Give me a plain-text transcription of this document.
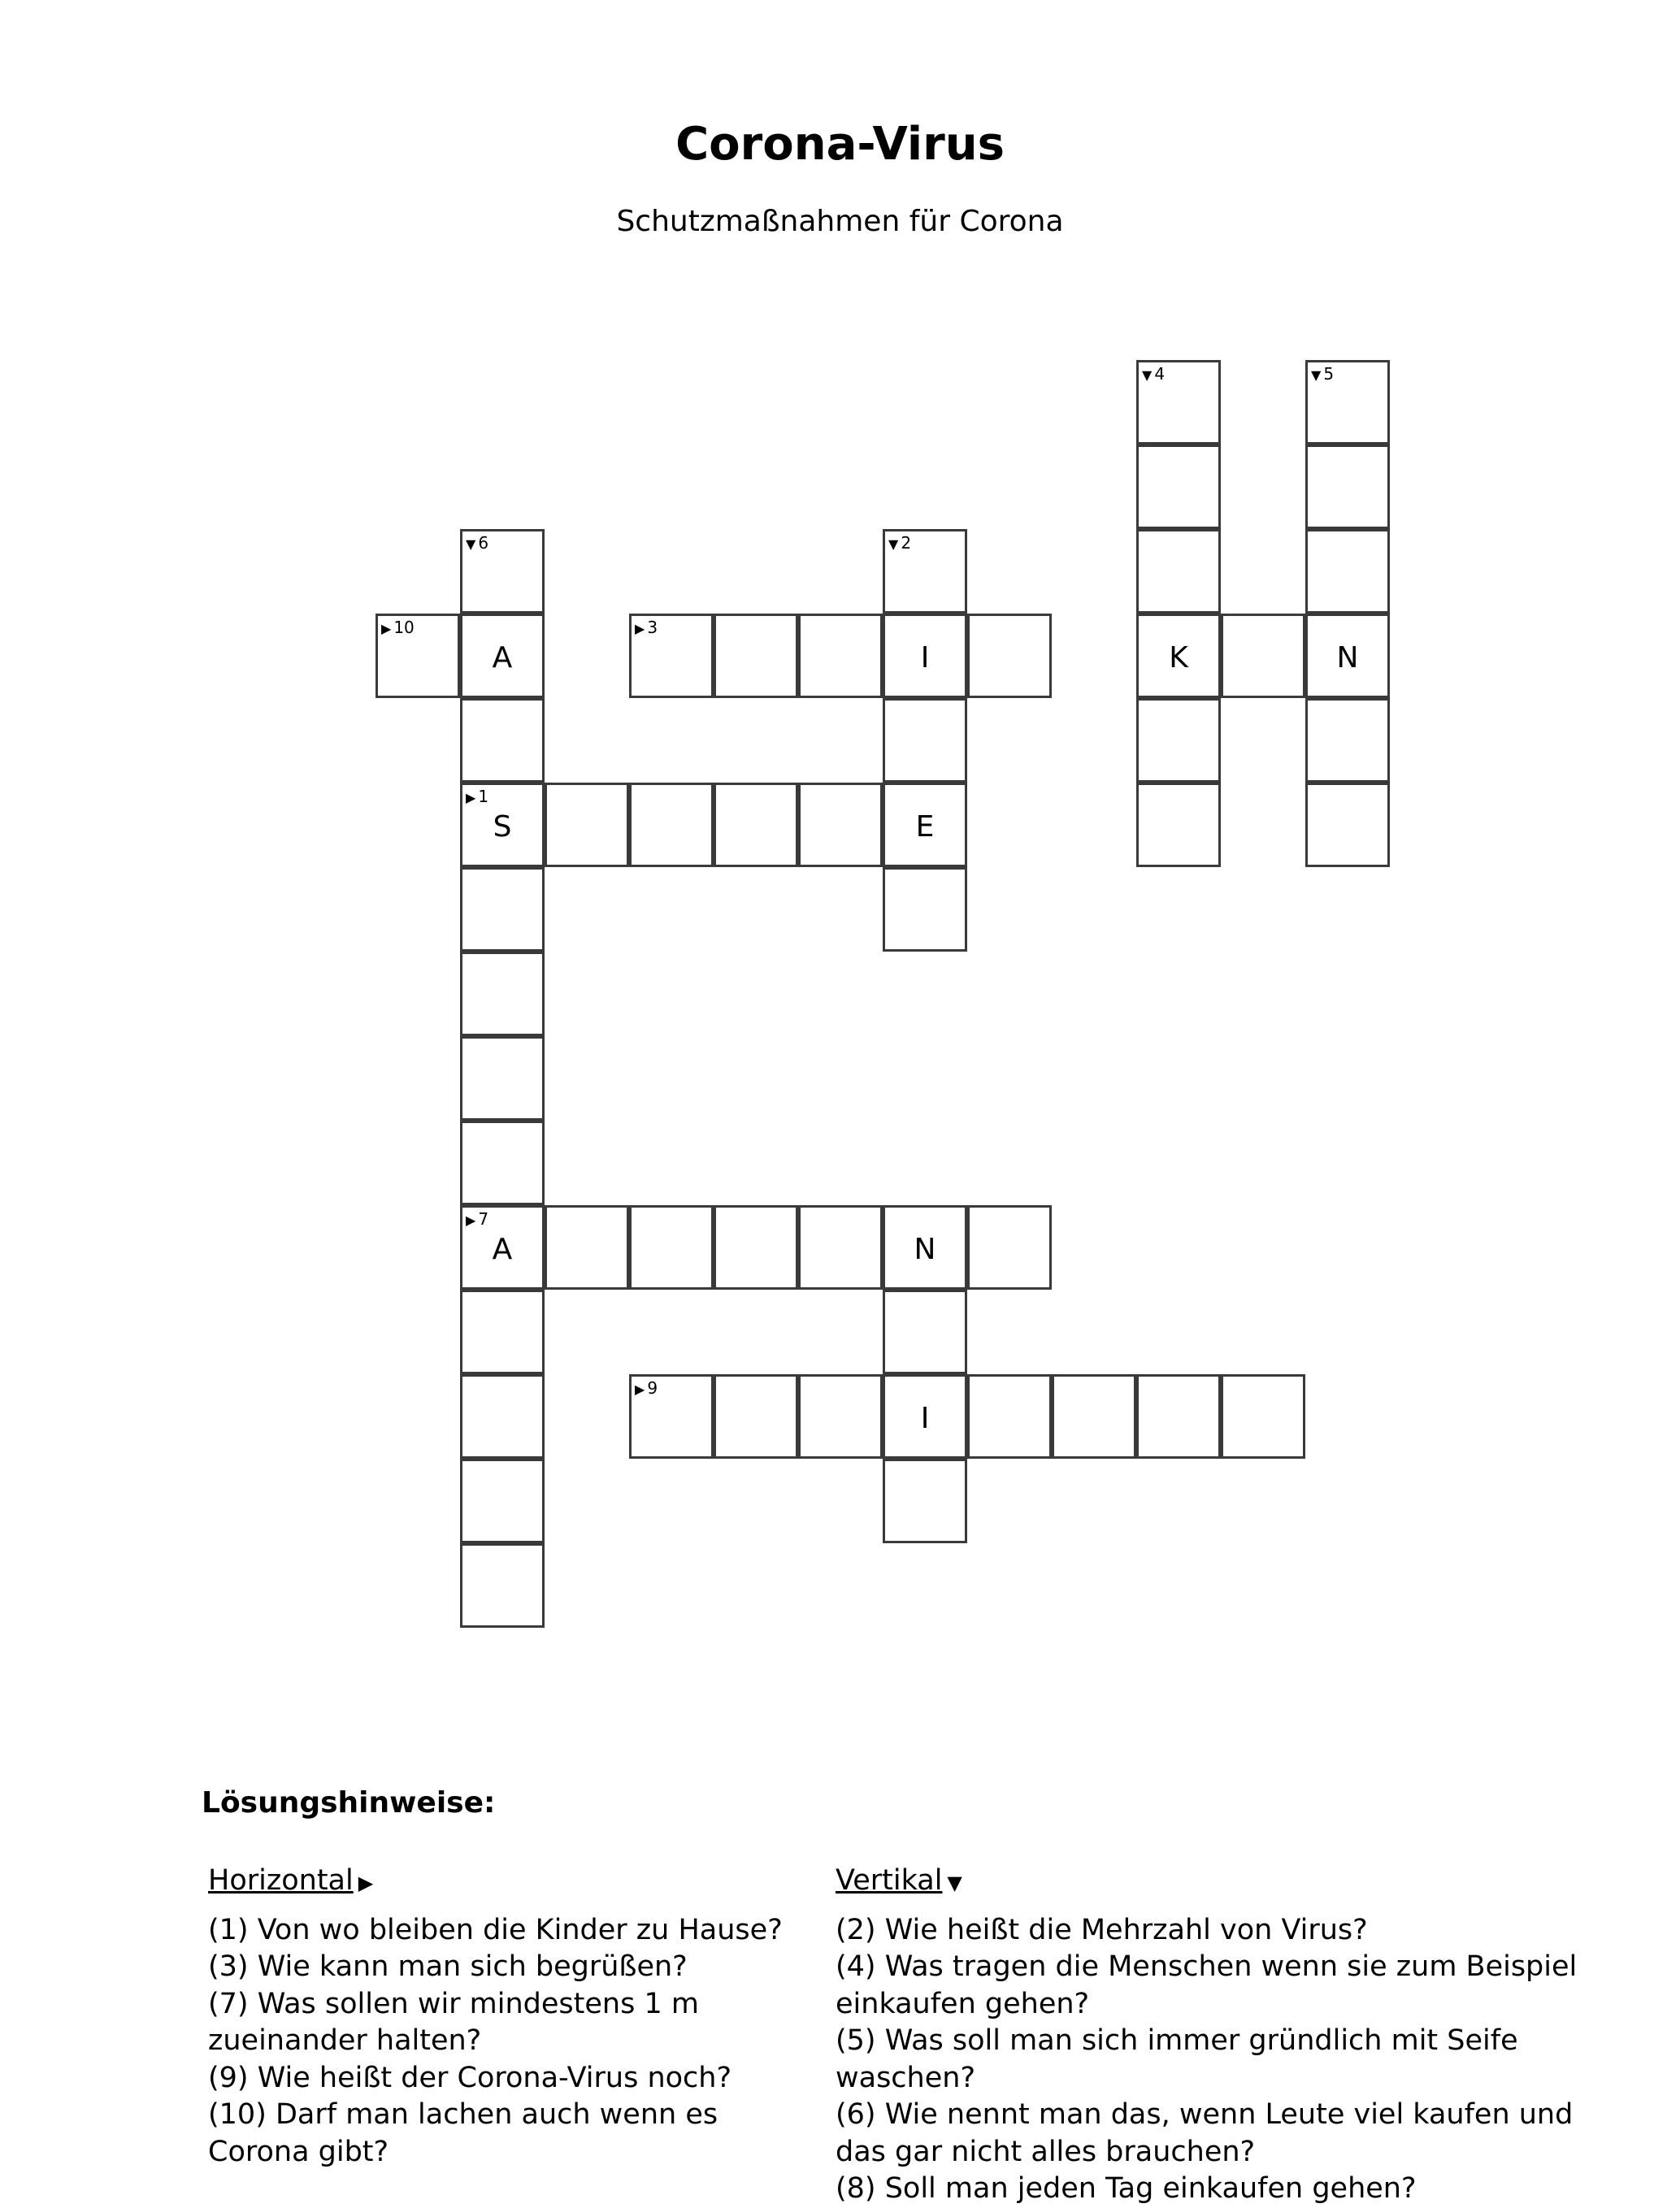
Corona-Virus
Schutzmaßnahmen für Corona
▼ 4	▼ 5
▼ 6	▼ 2
▶ 10
A
▶ 3
I	K	N
▶ 1
S	E
▶ 7
A	N
▶ 9
I
Lösungshinweise:
Horizontal ▶

(1) Von wo bleiben die Kinder zu Hause?

(3) Wie kann man sich begrüßen?

(7) Was sollen wir mindestens 1 m zueinander halten?

(9) Wie heißt der Corona-Virus noch?

(10) Darf man lachen auch wenn es Corona gibt?

Vertikal ▼

(2) Wie heißt die Mehrzahl von Virus?

(4) Was tragen die Menschen wenn sie zum Beispiel einkaufen gehen?

(5) Was soll man sich immer gründlich mit Seife waschen?

(6) Wie nennt man das, wenn Leute viel kaufen und das gar nicht alles brauchen?

(8) Soll man jeden Tag einkaufen gehen?
